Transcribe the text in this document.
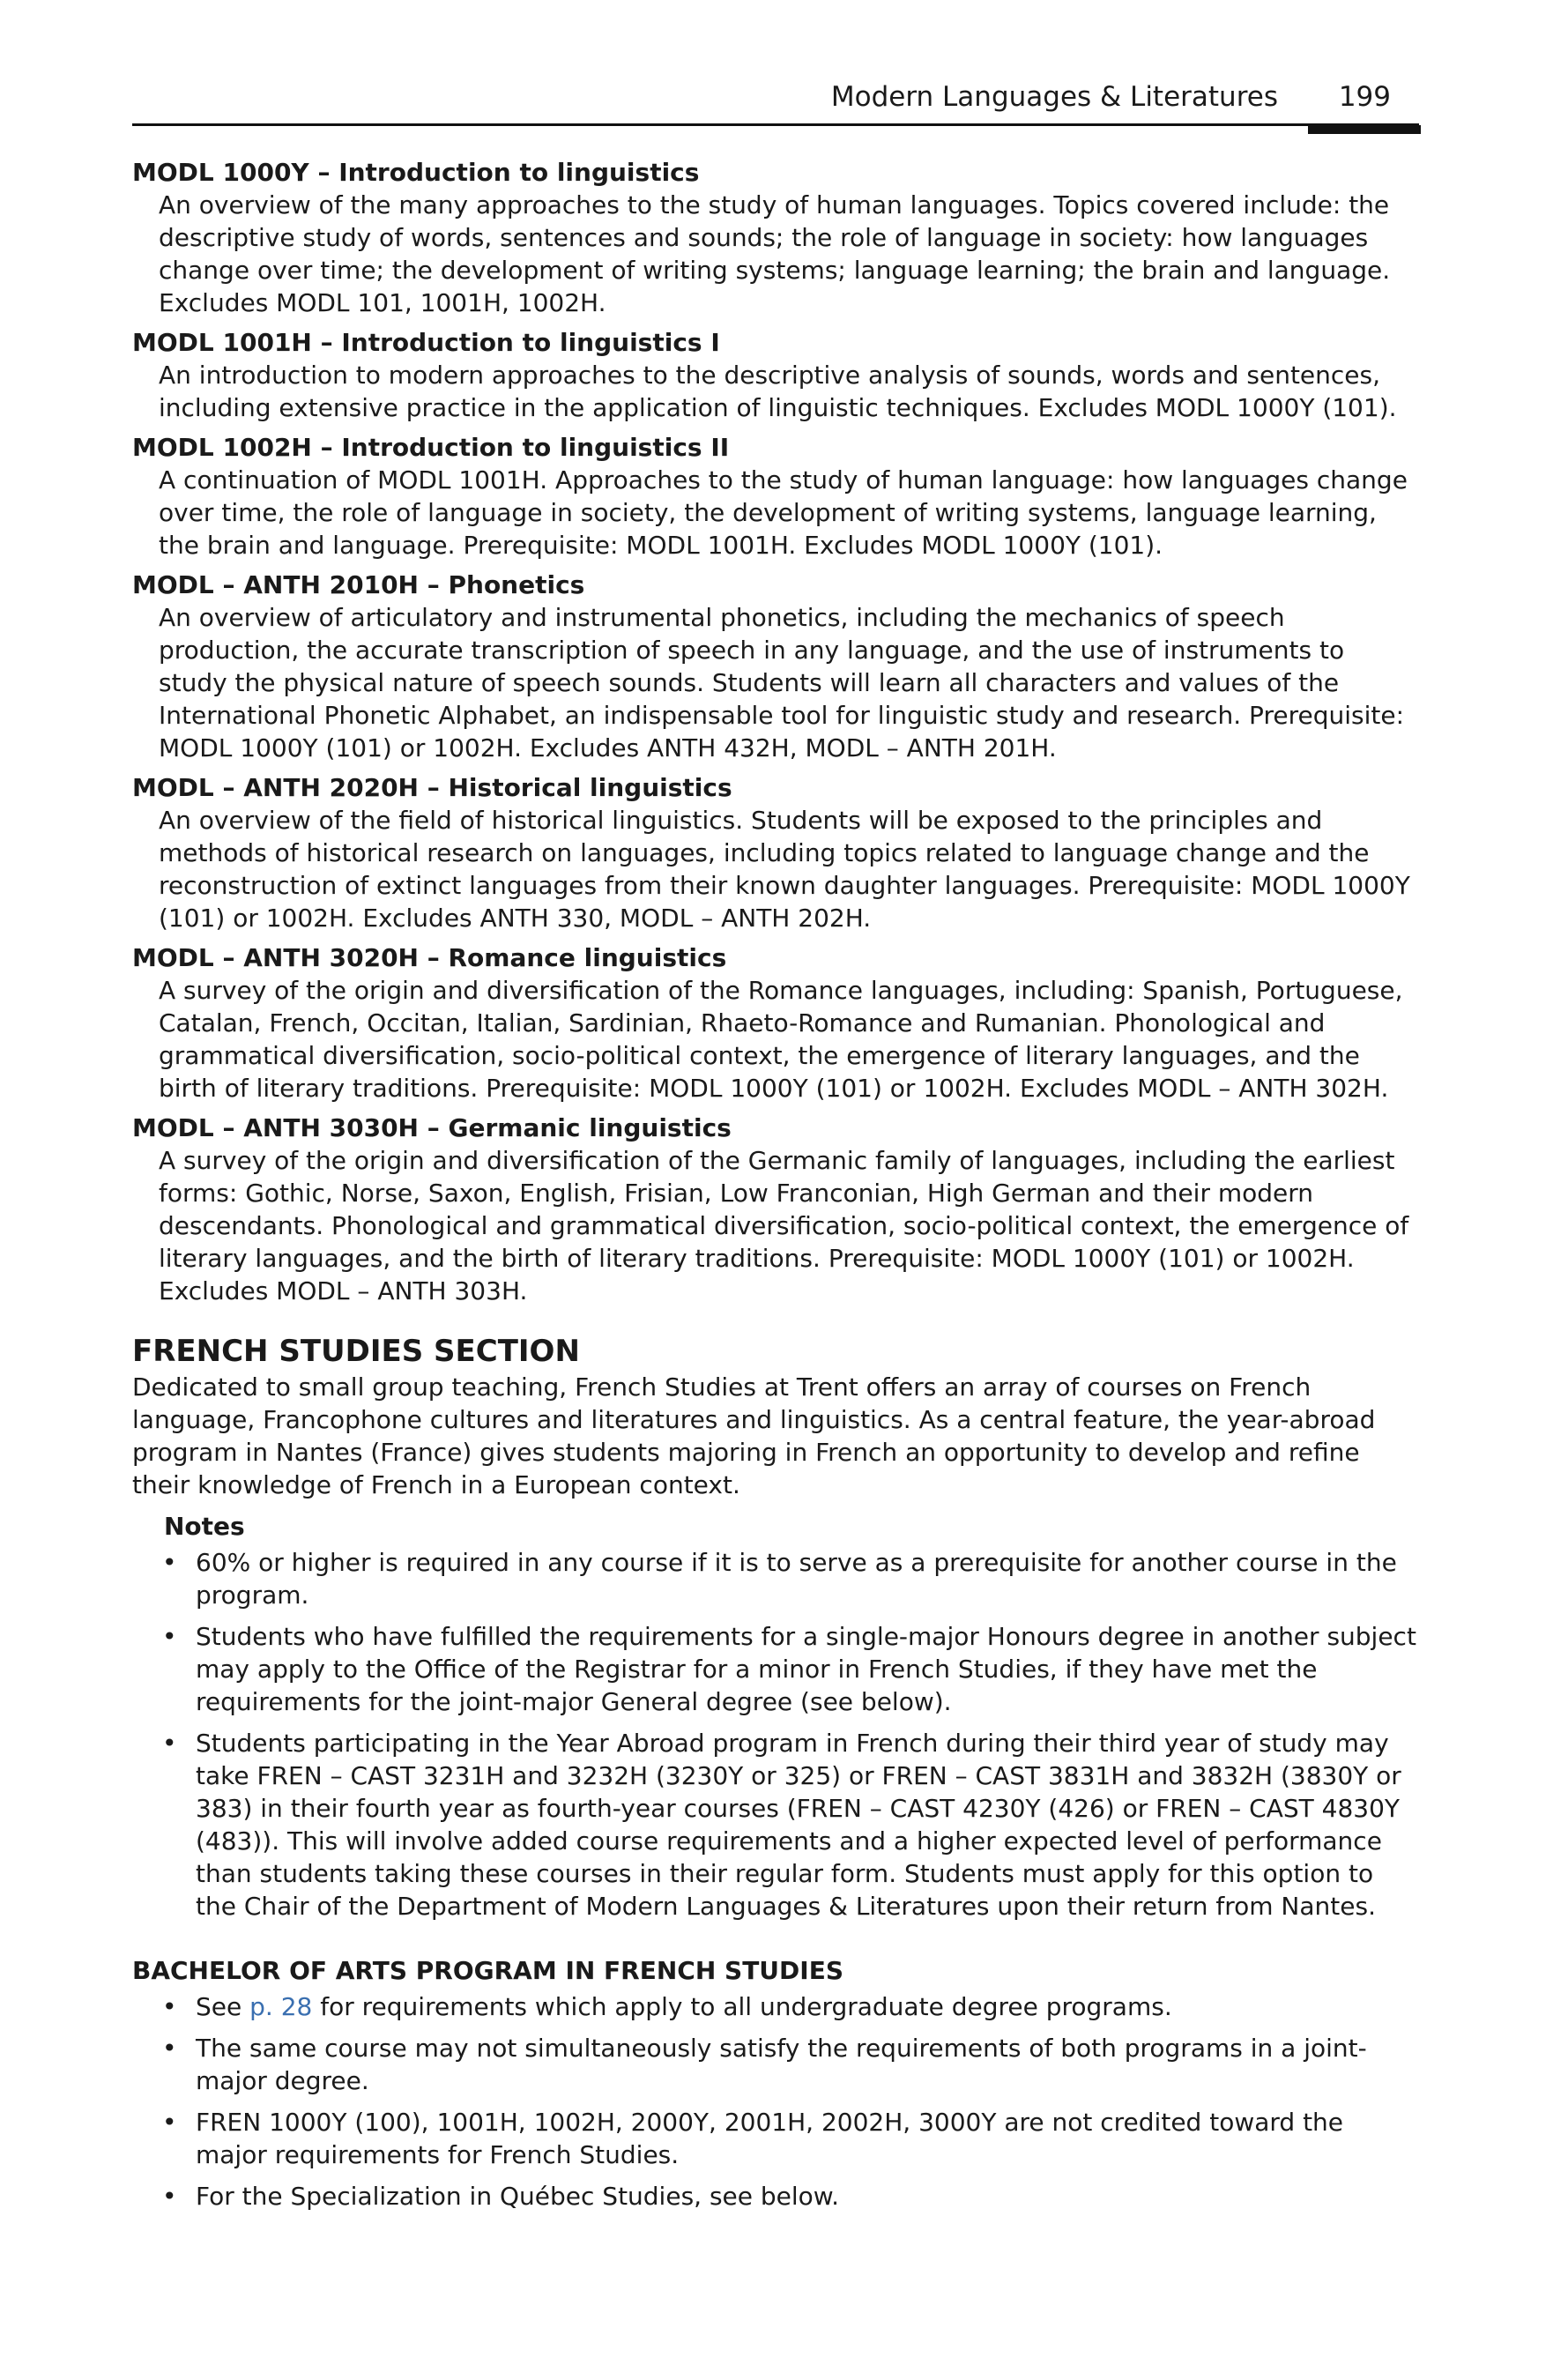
Modern Languages & Literatures 199
MODL 1000Y – Introduction to linguistics
An overview of the many approaches to the study of human languages. Topics covered include: the descriptive study of words, sentences and sounds; the role of language in society: how languages change over time; the development of writing systems; language learning; the brain and language. Excludes MODL 101, 1001H, 1002H.
MODL 1001H – Introduction to linguistics I
An introduction to modern approaches to the descriptive analysis of sounds, words and sentences, including extensive practice in the application of linguistic techniques. Excludes MODL 1000Y (101).
MODL 1002H – Introduction to linguistics II
A continuation of MODL 1001H. Approaches to the study of human language: how languages change over time, the role of language in society, the development of writing systems, language learning, the brain and language. Prerequisite: MODL 1001H. Excludes MODL 1000Y (101).
MODL – ANTH 2010H – Phonetics
An overview of articulatory and instrumental phonetics, including the mechanics of speech production, the accurate transcription of speech in any language, and the use of instruments to study the physical nature of speech sounds. Students will learn all characters and values of the International Phonetic Alphabet, an indispensable tool for linguistic study and research. Prerequisite: MODL 1000Y (101) or 1002H. Excludes ANTH 432H, MODL – ANTH 201H.
MODL – ANTH 2020H – Historical linguistics
An overview of the field of historical linguistics. Students will be exposed to the principles and methods of historical research on languages, including topics related to language change and the reconstruction of extinct languages from their known daughter languages. Prerequisite: MODL 1000Y (101) or 1002H. Excludes ANTH 330, MODL – ANTH 202H.
MODL – ANTH 3020H – Romance linguistics
A survey of the origin and diversification of the Romance languages, including: Spanish, Portuguese, Catalan, French, Occitan, Italian, Sardinian, Rhaeto-Romance and Rumanian. Phonological and grammatical diversification, socio-political context, the emergence of literary languages, and the birth of literary traditions. Prerequisite: MODL 1000Y (101) or 1002H. Excludes MODL – ANTH 302H.
MODL – ANTH 3030H – Germanic linguistics
A survey of the origin and diversification of the Germanic family of languages, including the earliest forms: Gothic, Norse, Saxon, English, Frisian, Low Franconian, High German and their modern descendants. Phonological and grammatical diversification, socio-political context, the emergence of literary languages, and the birth of literary traditions. Prerequisite: MODL 1000Y (101) or 1002H. Excludes MODL – ANTH 303H.
FRENCH STUDIES SECTION
Dedicated to small group teaching, French Studies at Trent offers an array of courses on French language, Francophone cultures and literatures and linguistics. As a central feature, the year-abroad program in Nantes (France) gives students majoring in French an opportunity to develop and refine their knowledge of French in a European context.
Notes
• 60% or higher is required in any course if it is to serve as a prerequisite for another course in the program.
• Students who have fulfilled the requirements for a single-major Honours degree in another subject may apply to the Office of the Registrar for a minor in French Studies, if they have met the requirements for the joint-major General degree (see below).
• Students participating in the Year Abroad program in French during their third year of study may take FREN – CAST 3231H and 3232H (3230Y or 325) or FREN – CAST 3831H and 3832H (3830Y or 383) in their fourth year as fourth-year courses (FREN – CAST 4230Y (426) or FREN – CAST 4830Y (483)). This will involve added course requirements and a higher expected level of performance than students taking these courses in their regular form. Students must apply for this option to the Chair of the Department of Modern Languages & Literatures upon their return from Nantes.
BACHELOR OF ARTS PROGRAM IN FRENCH STUDIES
• See p. 28 for requirements which apply to all undergraduate degree programs.
• The same course may not simultaneously satisfy the requirements of both programs in a joint-major degree.
• FREN 1000Y (100), 1001H, 1002H, 2000Y, 2001H, 2002H, 3000Y are not credited toward the major requirements for French Studies.
• For the Specialization in Québec Studies, see below.
